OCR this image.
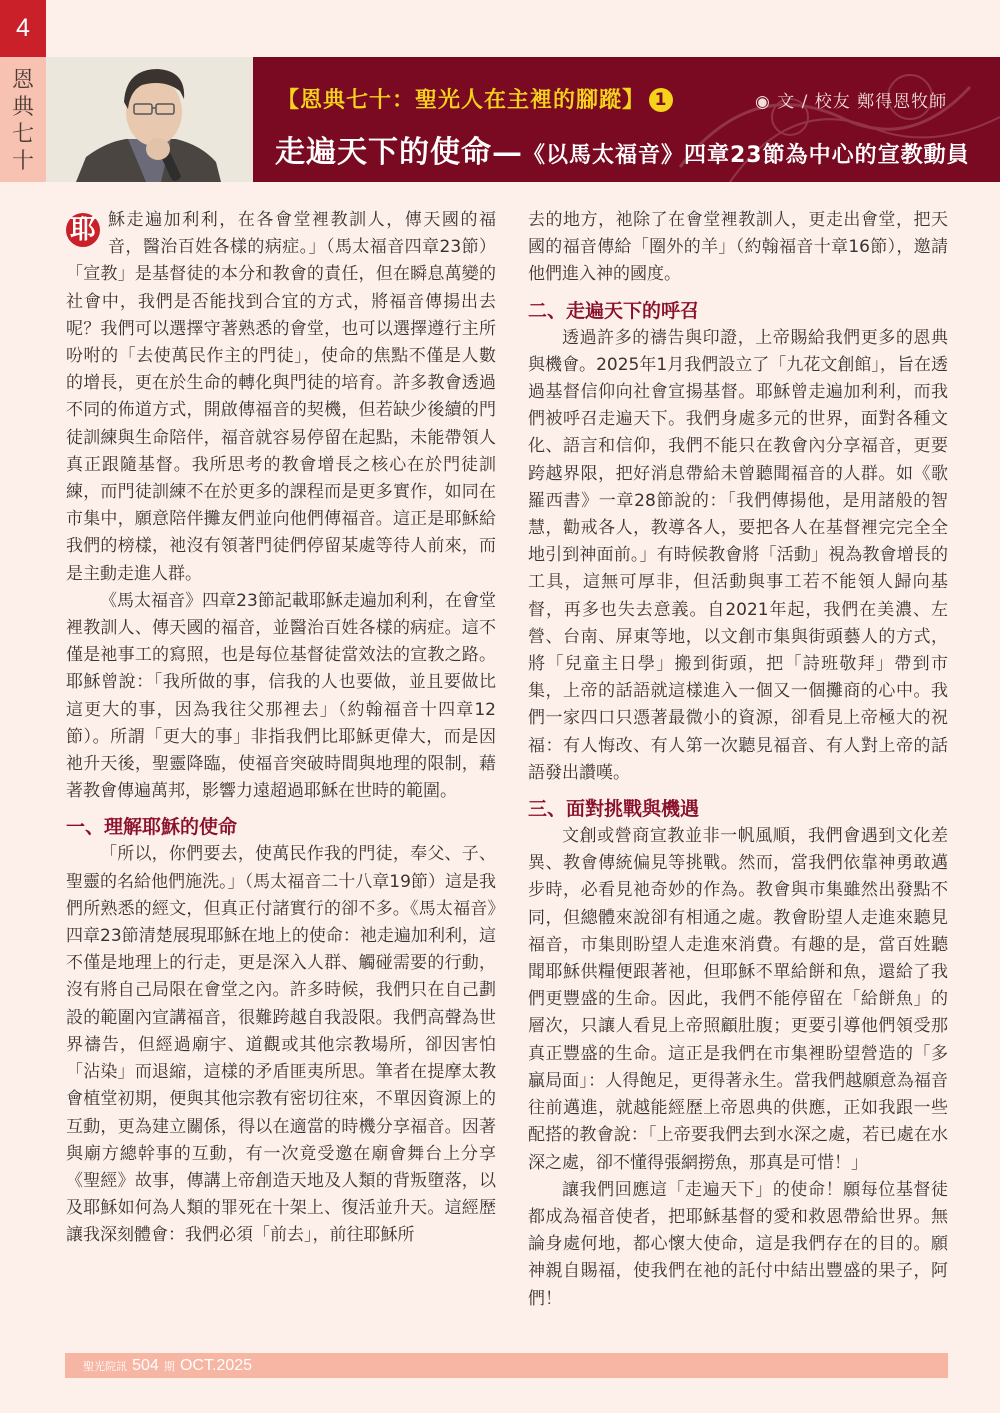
4
恩
典
七
十
【恩典七十：聖光人在主裡的腳蹤】 1	◉ 文 / 校友 鄭得恩牧師
走遍天下的使命—《以馬太福音》四章23節為中心的宣教動員

耶 穌走遍加利利，在各會堂裡教訓人，傳天國的福音，醫治百姓各樣的病症。」（馬太福音四章23節）「宣教」是基督徒的本分和教會的責任，但在瞬息萬變的社會中，我們是否能找到合宜的方式，將福音傳揚出去呢？我們可以選擇守著熟悉的會堂，也可以選擇遵行主所吩咐的「去使萬民作主的門徒」，使命的焦點不僅是人數的增長，更在於生命的轉化與門徒的培育。許多教會透過不同的佈道方式，開啟傳福音的契機，但若缺少後續的門徒訓練與生命陪伴，福音就容易停留在起點，未能帶領人真正跟隨基督。我所思考的教會增長之核心在於門徒訓練，而門徒訓練不在於更多的課程而是更多實作，如同在市集中，願意陪伴攤友們並向他們傳福音。這正是耶穌給我們的榜樣，祂沒有領著門徒們停留某處等待人前來，而是主動走進人群。

《馬太福音》四章23節記載耶穌走遍加利利，在會堂裡教訓人、傳天國的福音，並醫治百姓各樣的病症。這不僅是祂事工的寫照，也是每位基督徒當效法的宣教之路。耶穌曾說：「我所做的事，信我的人也要做，並且要做比這更大的事，因為我往父那裡去」（約翰福音十四章12節）。所謂「更大的事」非指我們比耶穌更偉大，而是因祂升天後，聖靈降臨，使福音突破時間與地理的限制，藉著教會傳遍萬邦，影響力遠超過耶穌在世時的範圍。

一、理解耶穌的使命

「所以，你們要去，使萬民作我的門徒，奉父、子、聖靈的名給他們施洗。」（馬太福音二十八章19節）這是我們所熟悉的經文，但真正付諸實行的卻不多。《馬太福音》四章23節清楚展現耶穌在地上的使命：祂走遍加利利，這不僅是地理上的行走，更是深入人群、觸碰需要的行動，沒有將自己局限在會堂之內。許多時候，我們只在自己劃設的範圍內宣講福音，很難跨越自我設限。我們高聲為世界禱告，但經過廟宇、道觀或其他宗教場所，卻因害怕「沾染」而退縮，這樣的矛盾匪夷所思。筆者在提摩太教會植堂初期，便與其他宗教有密切往來，不單因資源上的互動，更為建立關係，得以在適當的時機分享福音。因著與廟方總幹事的互動，有一次竟受邀在廟會舞台上分享《聖經》故事，傳講上帝創造天地及人類的背叛墮落，以及耶穌如何為人類的罪死在十架上、復活並升天。這經歷讓我深刻體會：我們必須「前去」，前往耶穌所

去的地方，祂除了在會堂裡教訓人，更走出會堂，把天國的福音傳給「圈外的羊」（約翰福音十章16節），邀請他們進入神的國度。

二、走遍天下的呼召

透過許多的禱告與印證，上帝賜給我們更多的恩典與機會。2025年1月我們設立了「九花文創館」，旨在透過基督信仰向社會宣揚基督。耶穌曾走遍加利利，而我們被呼召走遍天下。我們身處多元的世界，面對各種文化、語言和信仰，我們不能只在教會內分享福音，更要跨越界限，把好消息帶給未曾聽聞福音的人群。如《歌羅西書》一章28節說的：「我們傳揚他，是用諸般的智慧，勸戒各人，教導各人，要把各人在基督裡完完全全地引到神面前。」有時候教會將「活動」視為教會增長的工具，這無可厚非，但活動與事工若不能領人歸向基督，再多也失去意義。自2021年起，我們在美濃、左營、台南、屏東等地，以文創市集與街頭藝人的方式，將「兒童主日學」搬到街頭，把「詩班敬拜」帶到市集，上帝的話語就這樣進入一個又一個攤商的心中。我們一家四口只憑著最微小的資源，卻看見上帝極大的祝福：有人悔改、有人第一次聽見福音、有人對上帝的話語發出讚嘆。

三、面對挑戰與機遇

文創或營商宣教並非一帆風順，我們會遇到文化差異、教會傳統偏見等挑戰。然而，當我們依靠神勇敢邁步時，必看見祂奇妙的作為。教會與市集雖然出發點不同，但總體來說卻有相通之處。教會盼望人走進來聽見福音，市集則盼望人走進來消費。有趣的是，當百姓聽聞耶穌供糧便跟著祂，但耶穌不單給餅和魚，還給了我們更豐盛的生命。因此，我們不能停留在「給餅魚」的層次，只讓人看見上帝照顧肚腹；更要引導他們領受那真正豐盛的生命。這正是我們在市集裡盼望營造的「多贏局面」：人得飽足，更得著永生。當我們越願意為福音往前邁進，就越能經歷上帝恩典的供應，正如我跟一些配搭的教會說：「上帝要我們去到水深之處，若已處在水深之處，卻不懂得張網撈魚，那真是可惜！」

讓我們回應這「走遍天下」的使命！願每位基督徒都成為福音使者，把耶穌基督的愛和救恩帶給世界。無論身處何地，都心懷大使命，這是我們存在的目的。願神親自賜福，使我們在祂的託付中結出豐盛的果子，阿們！

聖光院訊 504 期 OCT.2025
